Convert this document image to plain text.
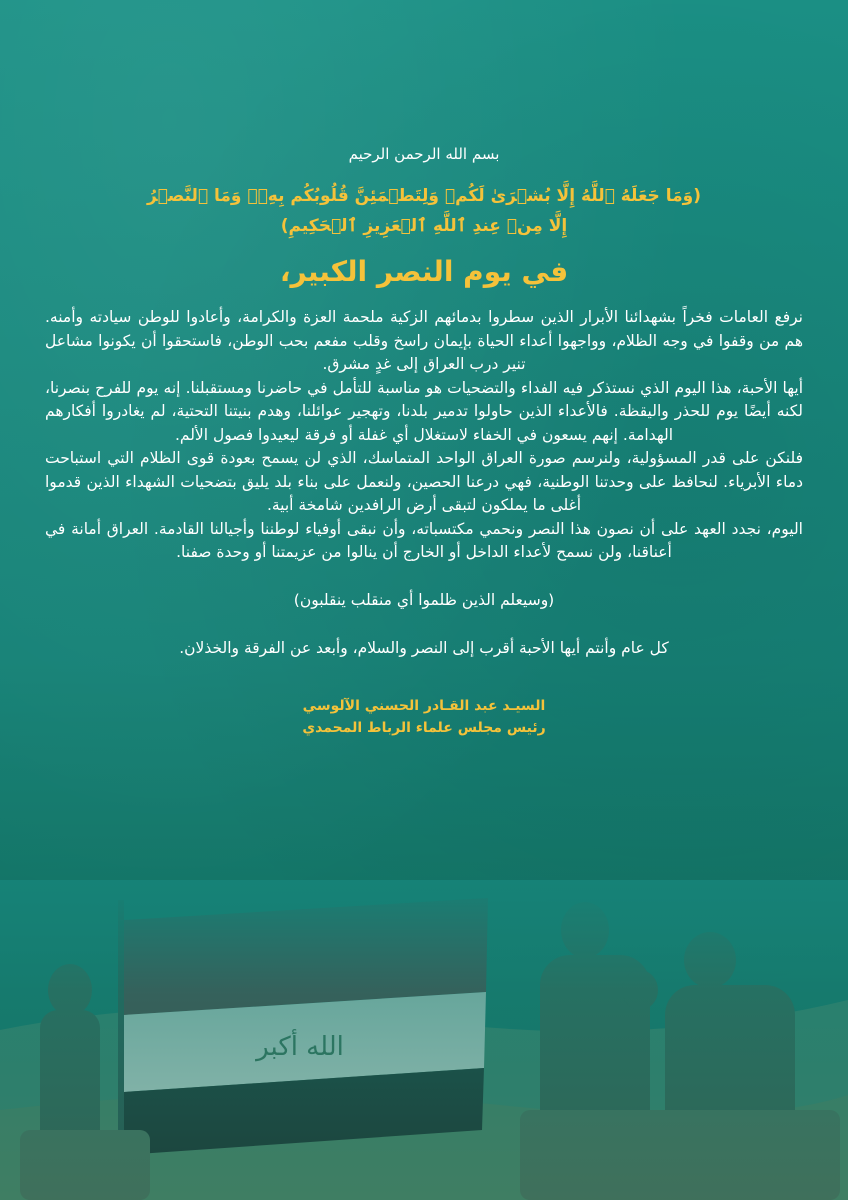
بسم الله الرحمن الرحيم
(وَمَا جَعَلَهُ ٱللَّهُ إِلَّا بُشۡرَىٰ لَكُمۡ وَلِتَطۡمَئِنَّ قُلُوبُكُم بِهِۦۗ وَمَا ٱلنَّصۡرُ
إِلَّا مِنۡ عِندِ ٱللَّهِ ٱلۡعَزِيزِ ٱلۡحَكِيمِ)
في يوم النصر الكبير،

نرفع العامات فخراً بشهدائنا الأبرار الذين سطروا بدمائهم الزكية ملحمة العزة والكرامة، وأعادوا للوطن سيادته وأمنه. هم من وقفوا في وجه الظلام، وواجهوا أعداء الحياة بإيمان راسخ وقلب مفعم بحب الوطن، فاستحقوا أن يكونوا مشاعل تنير درب العراق إلى غدٍ مشرق.

أيها الأحبة، هذا اليوم الذي نستذكر فيه الفداء والتضحيات هو مناسبة للتأمل في حاضرنا ومستقبلنا. إنه يوم للفرح بنصرنا، لكنه أيضًا يوم للحذر واليقظة. فالأعداء الذين حاولوا تدمير بلدنا، وتهجير عوائلنا، وهدم بنيتنا التحتية، لم يغادروا أفكارهم الهدامة. إنهم يسعون في الخفاء لاستغلال أي غفلة أو فرقة ليعيدوا فصول الألم.

فلنكن على قدر المسؤولية، ولنرسم صورة العراق الواحد المتماسك، الذي لن يسمح بعودة قوى الظلام التي استباحت دماء الأبرياء. لنحافظ على وحدتنا الوطنية، فهي درعنا الحصين، ولنعمل على بناء بلد يليق بتضحيات الشهداء الذين قدموا أغلى ما يملكون لتبقى أرض الرافدين شامخة أبية.

اليوم، نجدد العهد على أن نصون هذا النصر ونحمي مكتسباته، وأن نبقى أوفياء لوطننا وأجيالنا القادمة. العراق أمانة في أعناقنا، ولن نسمح لأعداء الداخل أو الخارج أن ينالوا من عزيمتنا أو وحدة صفنا.

(وسيعلم الذين ظلموا أي منقلب ينقلبون)
كل عام وأنتم أيها الأحبة أقرب إلى النصر والسلام، وأبعد عن الفرقة والخذلان.
السيـد عبد القـادر الحسني الآلوسي
رئيس مجلس علماء الرباط المحمدي
